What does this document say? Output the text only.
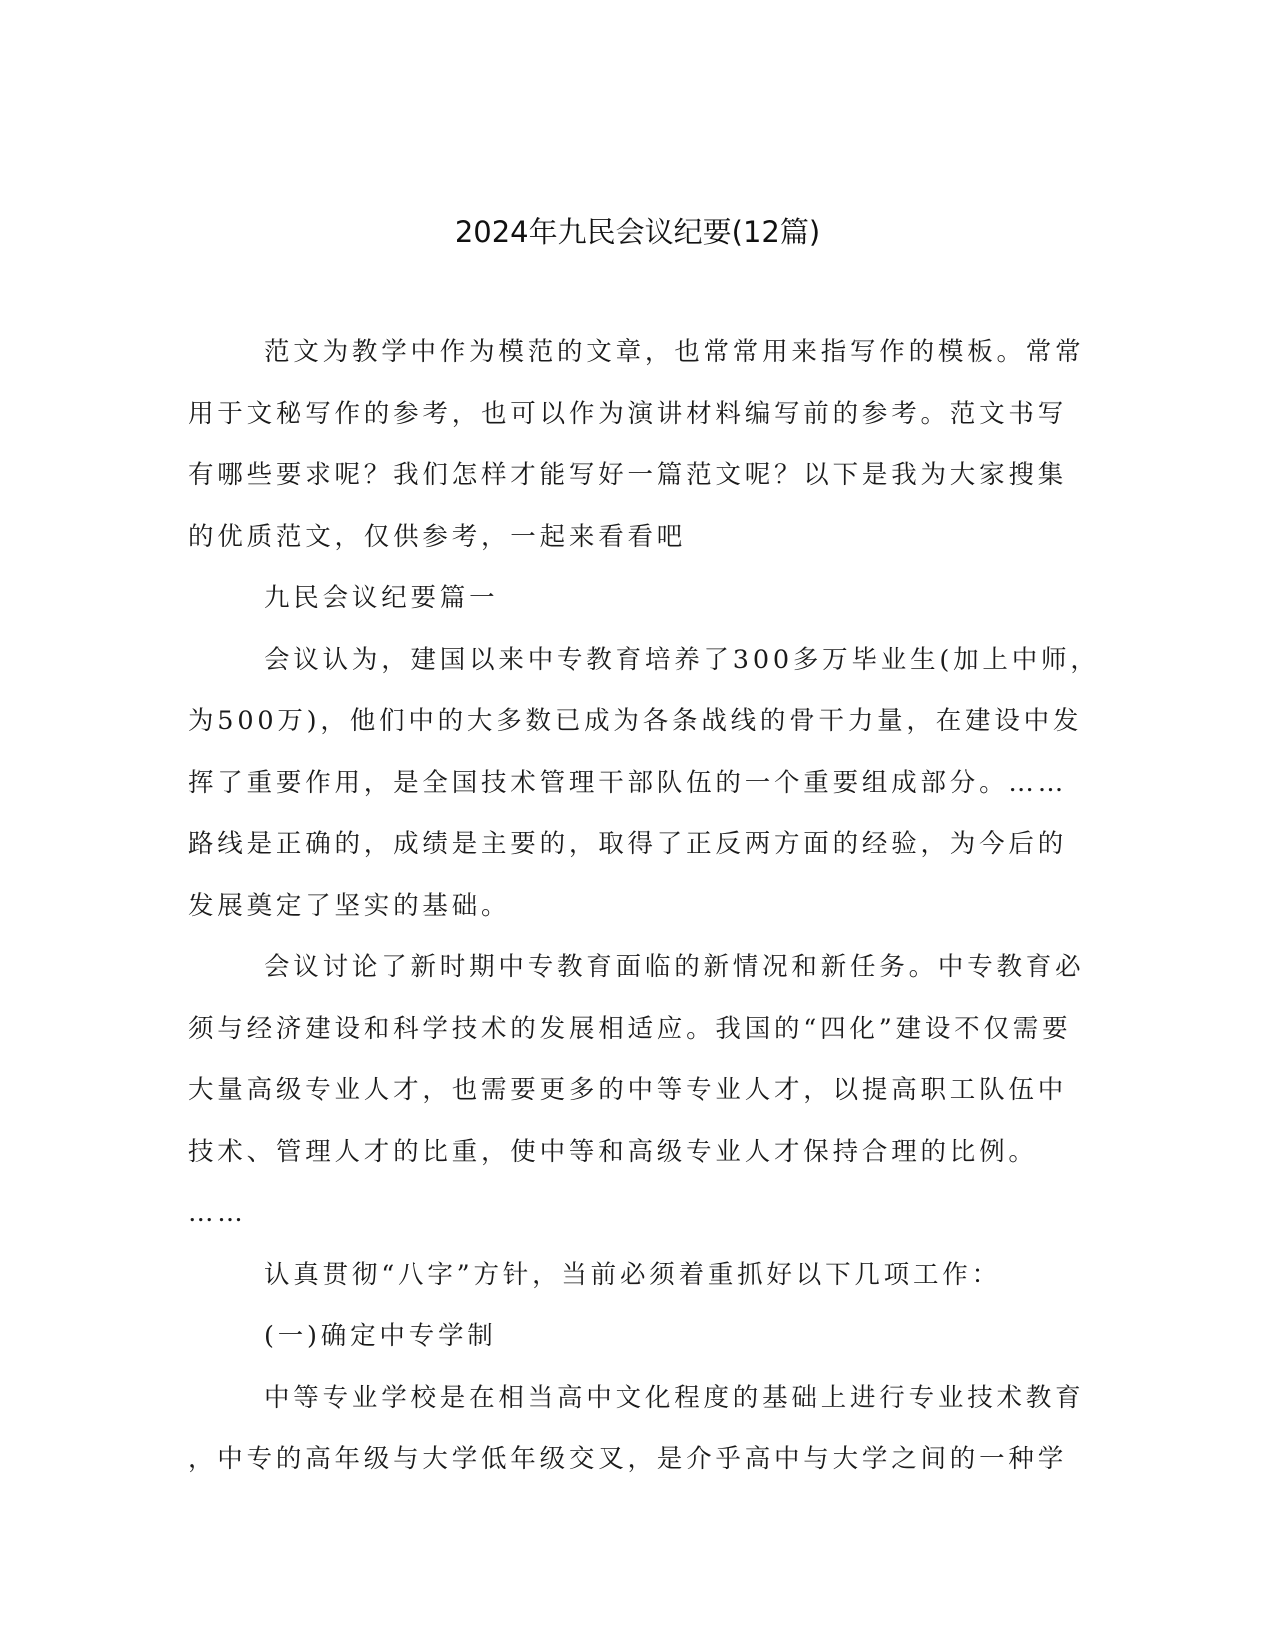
2024年九民会议纪要(12篇)
范文为教学中作为模范的文章，也常常用来指写作的模板。常常
用于文秘写作的参考，也可以作为演讲材料编写前的参考。范文书写
有哪些要求呢？我们怎样才能写好一篇范文呢？以下是我为大家搜集
的优质范文，仅供参考，一起来看看吧
九民会议纪要篇一
会议认为，建国以来中专教育培养了300多万毕业生(加上中师，
为500万)，他们中的大多数已成为各条战线的骨干力量，在建设中发
挥了重要作用，是全国技术管理干部队伍的一个重要组成部分。……
路线是正确的，成绩是主要的，取得了正反两方面的经验，为今后的
发展奠定了坚实的基础。
会议讨论了新时期中专教育面临的新情况和新任务。中专教育必
须与经济建设和科学技术的发展相适应。我国的“四化”建设不仅需要
大量高级专业人才，也需要更多的中等专业人才，以提高职工队伍中
技术、管理人才的比重，使中等和高级专业人才保持合理的比例。
……
认真贯彻“八字”方针，当前必须着重抓好以下几项工作：
(一)确定中专学制
中等专业学校是在相当高中文化程度的基础上进行专业技术教育
，中专的高年级与大学低年级交叉，是介乎高中与大学之间的一种学
